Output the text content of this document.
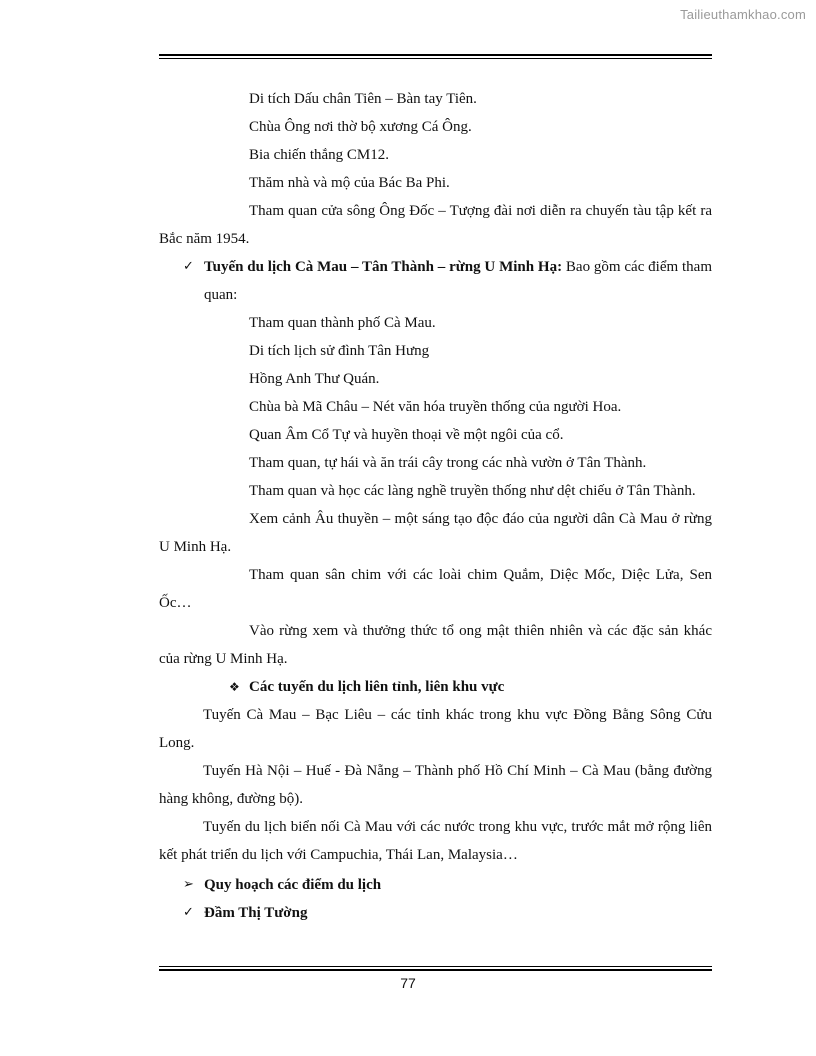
Tailieuthamkhao.com

Di tích Dấu chân Tiên – Bàn tay Tiên.

Chùa Ông nơi thờ bộ xương Cá Ông.

Bia chiến thắng CM12.

Thăm nhà và mộ của Bác Ba Phi.

Tham quan cửa sông Ông Đốc – Tượng đài nơi diễn ra chuyến tàu tập kết ra Bắc năm 1954.

✓ Tuyến du lịch Cà Mau – Tân Thành – rừng U Minh Hạ: Bao gồm các điểm tham quan:

Tham quan thành phố Cà Mau.

Di tích lịch sử đình Tân Hưng

Hồng Anh Thư Quán.

Chùa bà Mã Châu – Nét văn hóa truyền thống của người Hoa.

Quan Âm Cổ Tự và huyền thoại về một ngôi của cổ.

Tham quan, tự hái và ăn trái cây trong các nhà vườn ở Tân Thành.

Tham quan và học các làng nghề truyền thống như dệt chiếu ở Tân Thành.

Xem cảnh Âu thuyền – một sáng tạo độc đáo của người dân Cà Mau ở rừng U Minh Hạ.

Tham quan sân chim với các loài chim Quắm, Diệc Mốc, Diệc Lửa, Sen Ốc…

Vào rừng xem và thưởng thức tổ ong mật thiên nhiên và các đặc sản khác của rừng U Minh Hạ.

❖ Các tuyến du lịch liên tỉnh, liên khu vực

Tuyến Cà Mau – Bạc Liêu – các tỉnh khác trong khu vực Đồng Bằng Sông Cửu Long.

Tuyến Hà Nội – Huế - Đà Nẵng – Thành phố Hồ Chí Minh – Cà Mau (bằng đường hàng không, đường bộ).

Tuyến du lịch biển nối Cà Mau với các nước trong khu vực, trước mắt mở rộng liên kết phát triển du lịch với Campuchia, Thái Lan, Malaysia…

➢ Quy hoạch các điểm du lịch

✓ Đầm Thị Tường

77
